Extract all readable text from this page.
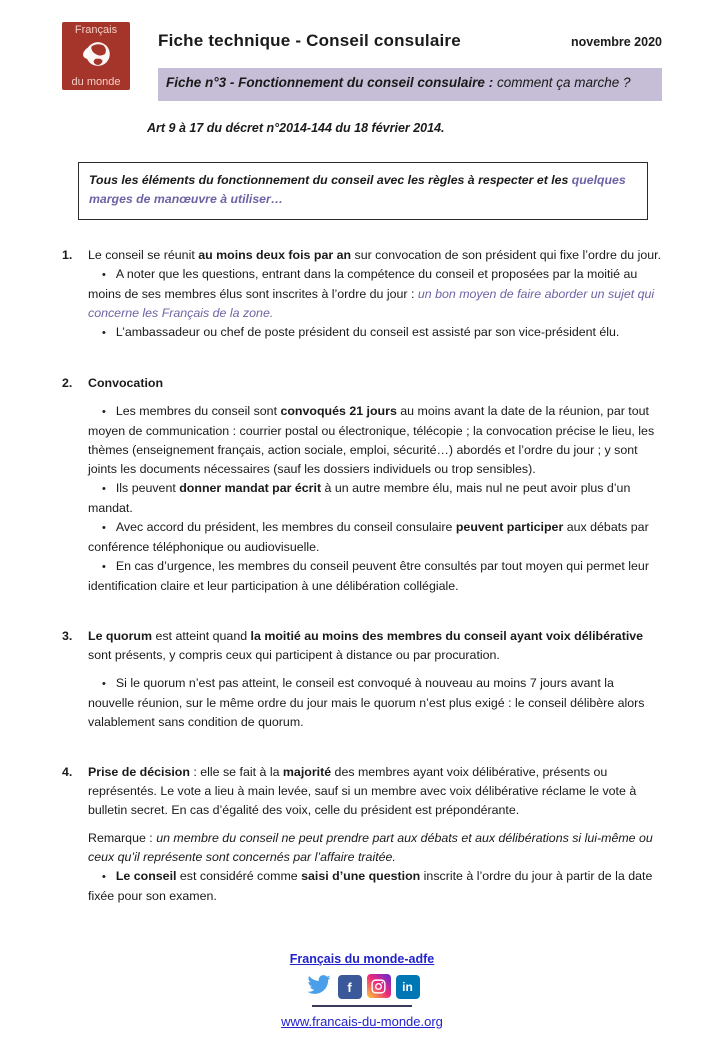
Français
du monde
Fiche technique - Conseil consulaire	novembre 2020
Fiche n°3 - Fonctionnement du conseil consulaire : comment ça marche ?

Art 9 à 17 du décret n°2014-144 du 18 février 2014.

Tous les éléments du fonctionnement du conseil avec les règles à respecter et les quelques marges de manœuvre à utiliser…
1.	Le conseil se réunit au moins deux fois par an sur convocation de son président qui fixe l’ordre du jour.
• A noter que les questions, entrant dans la compétence du conseil et proposées par la moitié au moins de ses membres élus sont inscrites à l’ordre du jour : un bon moyen de faire aborder un sujet qui concerne les Français de la zone.
• L’ambassadeur ou chef de poste président du conseil est assisté par son vice-président élu.
2.	Convocation
• Les membres du conseil sont convoqués 21 jours au moins avant la date de la réunion, par tout moyen de communication : courrier postal ou électronique, télécopie ; la convocation précise le lieu, les thèmes (enseignement français, action sociale, emploi, sécurité…) abordés et l’ordre du jour ; y sont joints les documents nécessaires (sauf les dossiers individuels ou trop sensibles).
• Ils peuvent donner mandat par écrit à un autre membre élu, mais nul ne peut avoir plus d’un mandat.
• Avec accord du président, les membres du conseil consulaire peuvent participer aux débats par conférence téléphonique ou audiovisuelle.
• En cas d’urgence, les membres du conseil peuvent être consultés par tout moyen qui permet leur identification claire et leur participation à une délibération collégiale.
3.	Le quorum est atteint quand la moitié au moins des membres du conseil ayant voix délibérative sont présents, y compris ceux qui participent à distance ou par procuration.
• Si le quorum n’est pas atteint, le conseil est convoqué à nouveau au moins 7 jours avant la nouvelle réunion, sur le même ordre du jour mais le quorum n’est plus exigé : le conseil délibère alors valablement sans condition de quorum.
4.	Prise de décision : elle se fait à la majorité des membres ayant voix délibérative, présents ou représentés. Le vote a lieu à main levée, sauf si un membre avec voix délibérative réclame le vote à bulletin secret. En cas d’égalité des voix, celle du président est prépondérante.
Remarque : un membre du conseil ne peut prendre part aux débats et aux délibérations si lui-même ou ceux qu’il représente sont concernés par l’affaire traitée.
• Le conseil est considéré comme saisi d’une question inscrite à l’ordre du jour à partir de la date fixée pour son examen.
Français du monde-adfe
f	in
www.francais-du-monde.org
